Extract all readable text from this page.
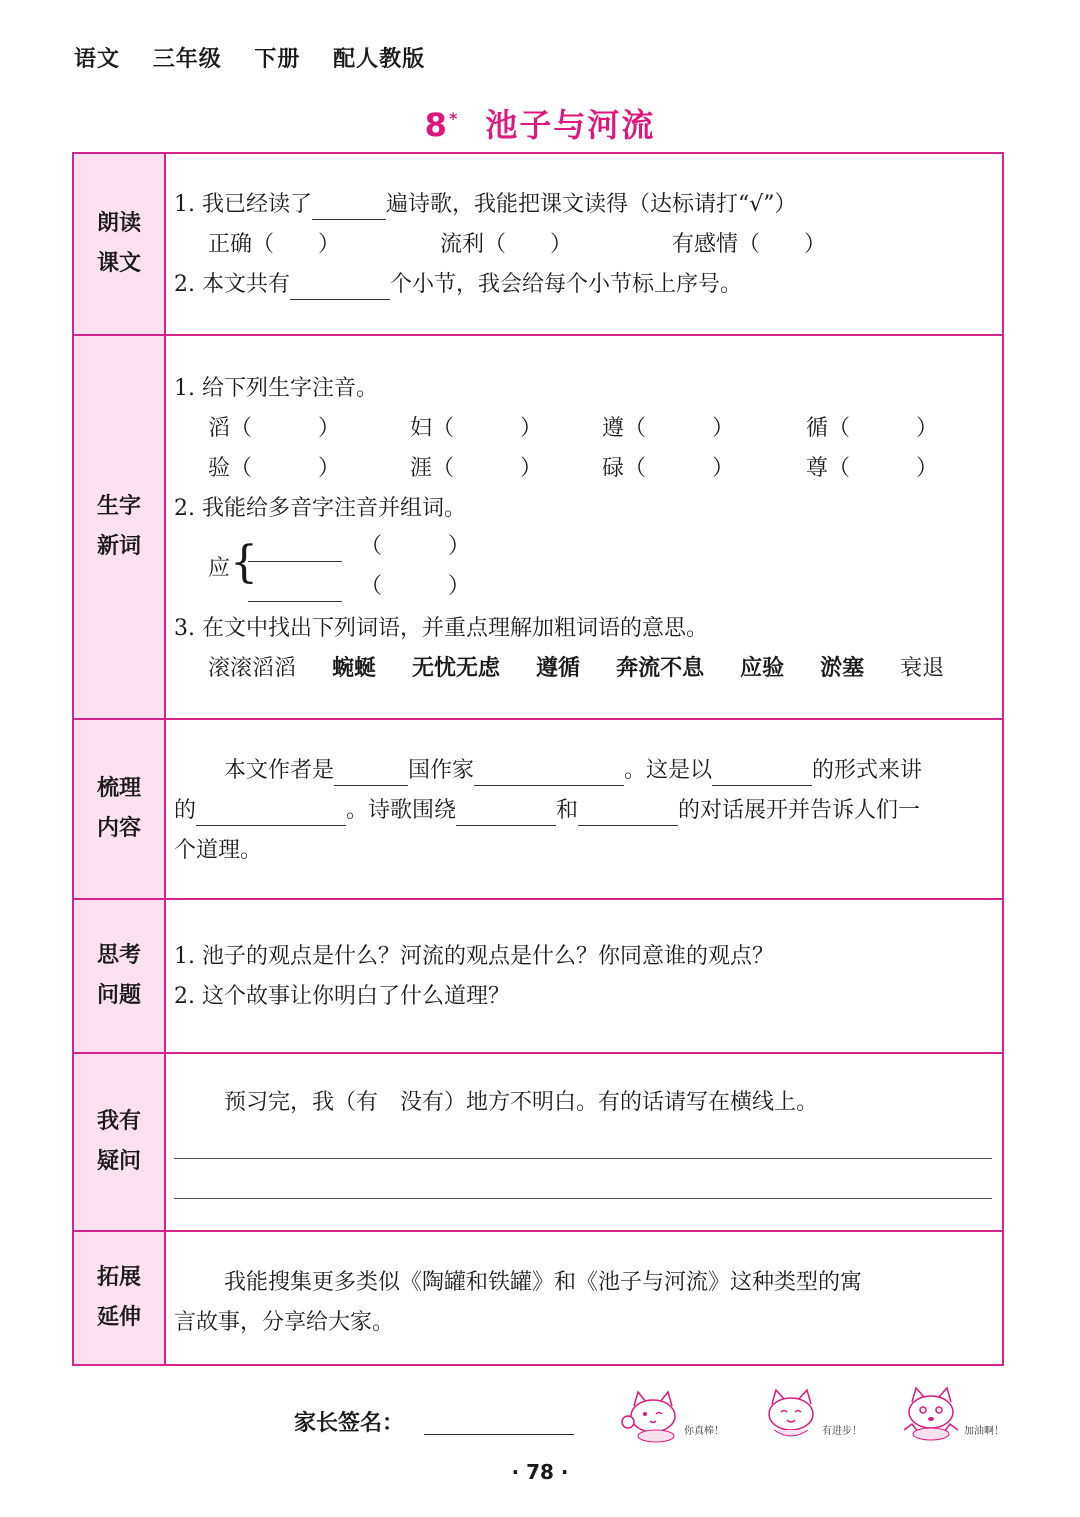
语文 三年级 下册 配人教版
8* 池子与河流
朗读
课文
1. 我已经读了	遍诗歌，我能把课文读得（达标请打“√”）
正确（　　）	流利（　　）	有感情（　　）
2. 本文共有	个小节，我会给每个小节标上序号。
生字
新词
1. 给下列生字注音。
滔（　　　）	妇（　　　）	遵（　　　）	循（　　　）
验（　　　）	涯（　　　）	碌（　　　）	尊（　　　）
2. 我能给多音字注音并组词。
应 {	（　　　）
（　　　）
3. 在文中找出下列词语，并重点理解加粗词语的意思。
滚滚滔滔 蜿蜒 无忧无虑 遵循 奔流不息 应验 淤塞 衰退
梳理
内容
本文作者是	国作家	。这是以	的形式来讲
的	。诗歌围绕	和	的对话展开并告诉人们一
个道理。
思考
问题
1. 池子的观点是什么？河流的观点是什么？你同意谁的观点？
2. 这个故事让你明白了什么道理？
我有
疑问
预习完，我（有　没有）地方不明白。有的话请写在横线上。
拓展
延伸
我能搜集更多类似《陶罐和铁罐》和《池子与河流》这种类型的寓
言故事，分享给大家。
家长签名：	你真棒！	有进步！	加油啊！
· 78 ·
